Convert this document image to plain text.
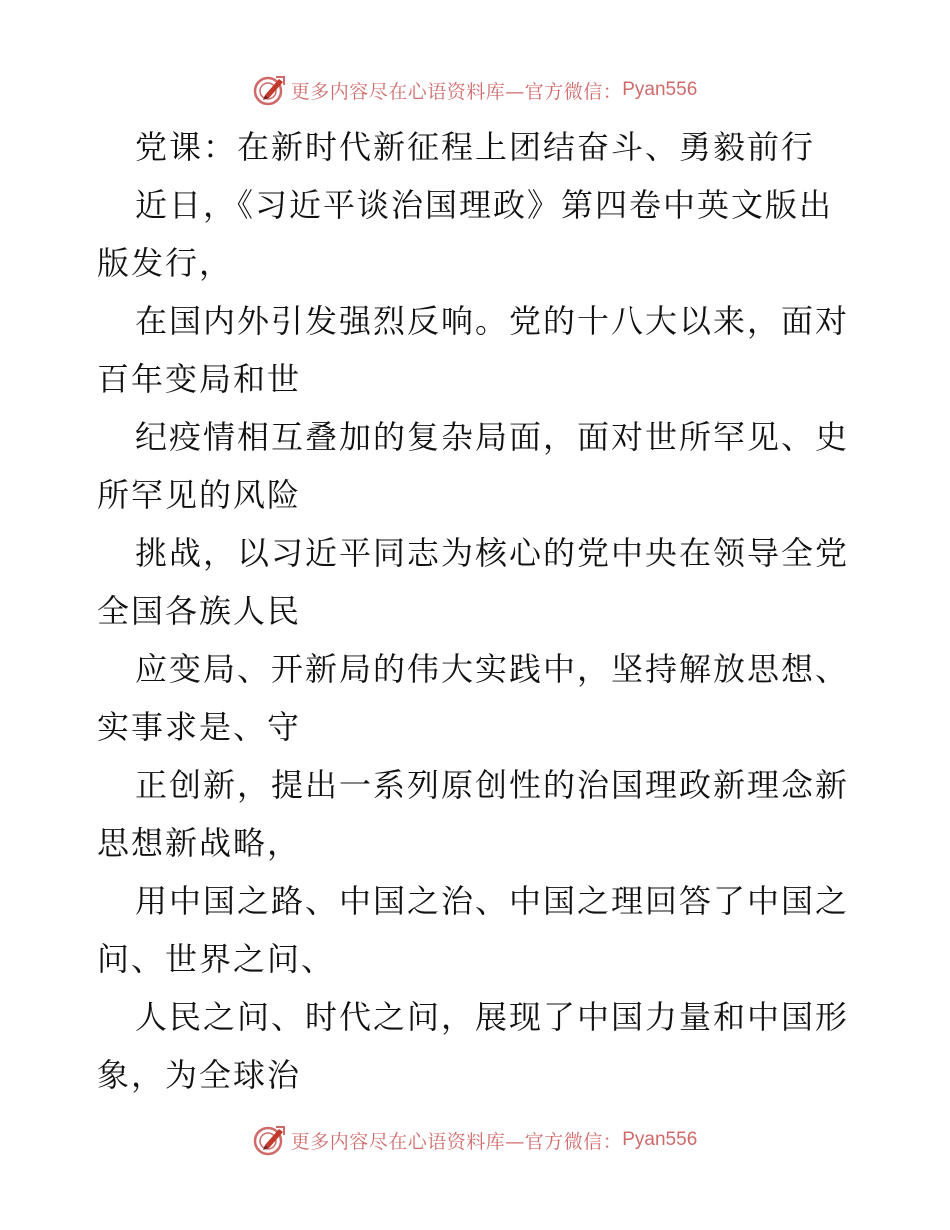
更多内容尽在心语资料库—官方微信： Pyan556
党课：在新时代新征程上团结奋斗、勇毅前行
近日，《习近平谈治国理政》第四卷中英文版出
版发行，
在国内外引发强烈反响。党的十八大以来，面对
百年变局和世
纪疫情相互叠加的复杂局面，面对世所罕见、史
所罕见的风险
挑战，以习近平同志为核心的党中央在领导全党
全国各族人民
应变局、开新局的伟大实践中，坚持解放思想、
实事求是、守
正创新，提出一系列原创性的治国理政新理念新
思想新战略，
用中国之路、中国之治、中国之理回答了中国之
问、世界之问、
人民之问、时代之问，展现了中国力量和中国形
象，为全球治
更多内容尽在心语资料库—官方微信： Pyan556
